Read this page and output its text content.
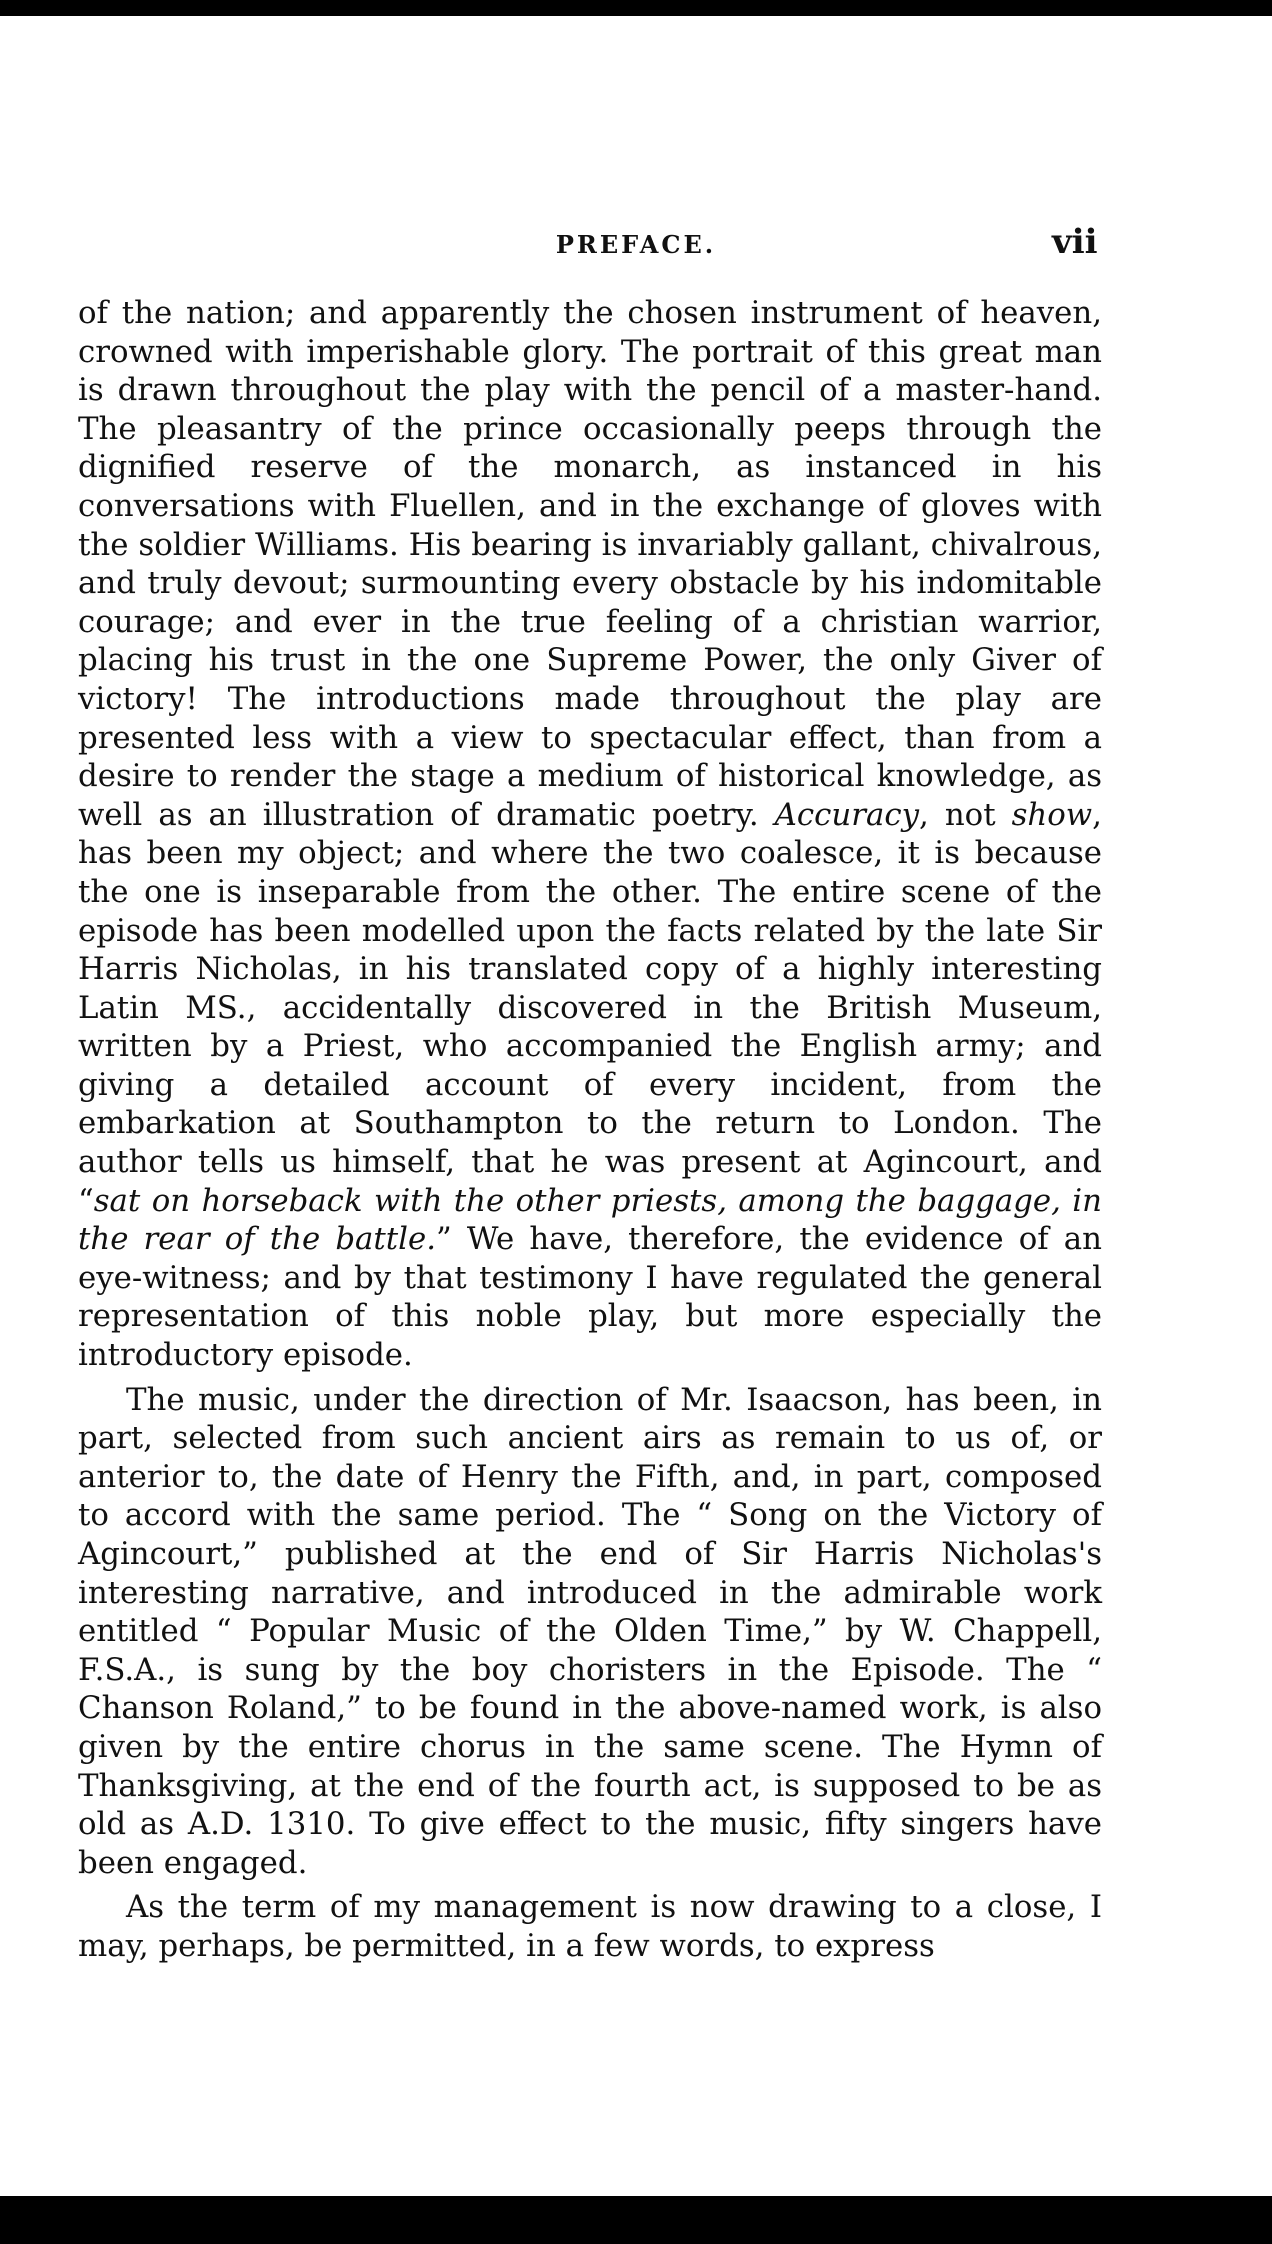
PREFACE.	vii

of the nation; and apparently the chosen instrument of heaven, crowned with imperishable glory. The portrait of this great man is drawn throughout the play with the pencil of a master-hand. The pleasantry of the prince occasionally peeps through the dignified reserve of the monarch, as instanced in his conversations with Fluellen, and in the exchange of gloves with the soldier Williams. His bearing is invariably gallant, chivalrous, and truly devout; surmounting every obstacle by his indomitable courage; and ever in the true feeling of a christian warrior, placing his trust in the one Supreme Power, the only Giver of victory! The introductions made throughout the play are presented less with a view to spectacular effect, than from a desire to render the stage a medium of historical knowledge, as well as an illustration of dramatic poetry. Accuracy, not show, has been my object; and where the two coalesce, it is because the one is inseparable from the other. The entire scene of the episode has been modelled upon the facts related by the late Sir Harris Nicholas, in his translated copy of a highly interesting Latin MS., accidentally discovered in the British Museum, written by a Priest, who accompanied the English army; and giving a detailed account of every incident, from the embarkation at Southampton to the return to London. The author tells us himself, that he was present at Agincourt, and “sat on horseback with the other priests, among the baggage, in the rear of the battle.” We have, therefore, the evidence of an eye-witness; and by that testimony I have regulated the general representation of this noble play, but more especially the introductory episode.

The music, under the direction of Mr. Isaacson, has been, in part, selected from such ancient airs as remain to us of, or anterior to, the date of Henry the Fifth, and, in part, composed to accord with the same period. The “ Song on the Victory of Agincourt,” published at the end of Sir Harris Nicholas's interesting narrative, and introduced in the admirable work entitled “ Popular Music of the Olden Time,” by W. Chappell, F.S.A., is sung by the boy choristers in the Episode. The “ Chanson Roland,” to be found in the above-named work, is also given by the entire chorus in the same scene. The Hymn of Thanksgiving, at the end of the fourth act, is supposed to be as old as A.D. 1310. To give effect to the music, fifty singers have been engaged.

As the term of my management is now drawing to a close, I may, perhaps, be permitted, in a few words, to express
